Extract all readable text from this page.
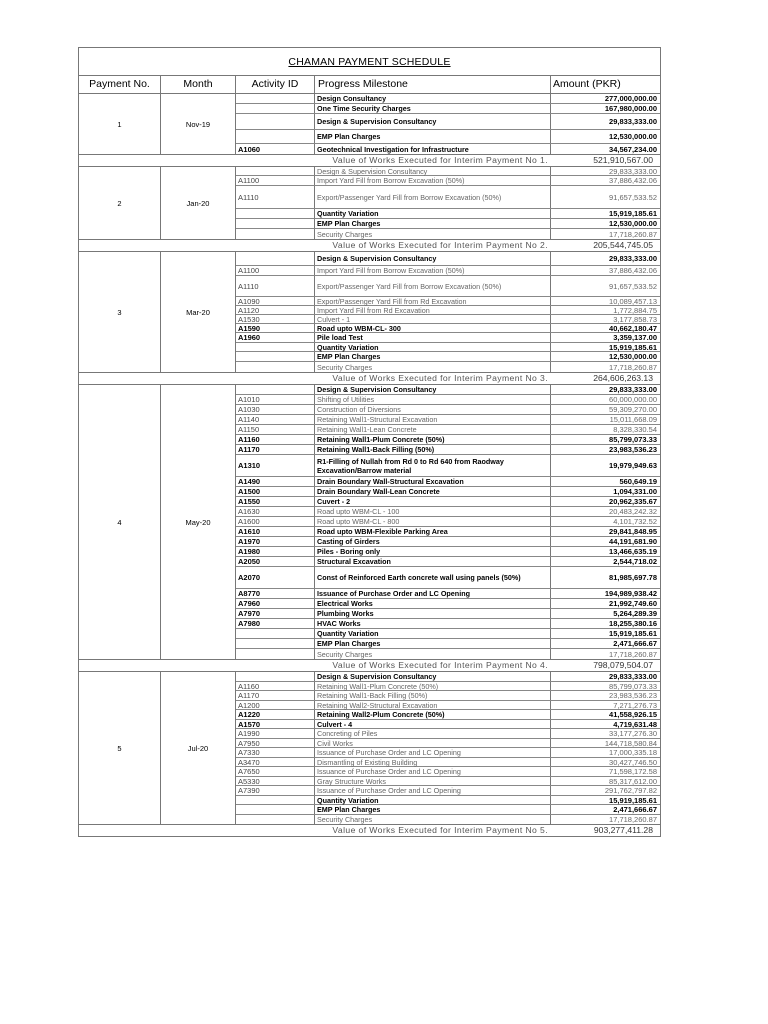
CHAMAN PAYMENT SCHEDULE
Payment No.	Month	Activity ID	Progress Milestone	Amount (PKR)
1	Nov-19
Design Consultancy	277,000,000.00
One Time Security Charges	167,980,000.00
Design & Supervision Consultancy	29,833,333.00
EMP Plan Charges	12,530,000.00
A1060	Geotechnical Investigation for Infrastructure	34,567,234.00
Value of Works Executed for Interim Payment No 1.	521,910,567.00
2	Jan-20
Design & Supervision Consultancy	29,833,333.00
A1100	Import Yard Fill from Borrow Excavation (50%)	37,886,432.06
A1110	Export/Passenger Yard Fill from Borrow Excavation (50%)	91,657,533.52
Quantity Variation	15,919,185.61
EMP Plan Charges	12,530,000.00
Security Charges	17,718,260.87
Value of Works Executed for Interim Payment No 2.	205,544,745.05
3	Mar-20
Design & Supervision Consultancy	29,833,333.00
A1100	Import Yard Fill from Borrow Excavation (50%)	37,886,432.06
A1110	Export/Passenger Yard Fill from Borrow Excavation (50%)	91,657,533.52
A1090	Export/Passenger Yard Fill from Rd Excavation	10,089,457.13
A1120	Import Yard Fill from Rd Excavation	1,772,884.75
A1530	Culvert - 1	3,177,858.73
A1590	Road upto WBM-CL- 300	40,662,180.47
A1960	Pile load Test	3,359,137.00
Quantity Variation	15,919,185.61
EMP Plan Charges	12,530,000.00
Security Charges	17,718,260.87
Value of Works Executed for Interim Payment No 3.	264,606,263.13
4	May-20
Design & Supervision Consultancy	29,833,333.00
A1010	Shifting of Utilities	60,000,000.00
A1030	Construction of Diversions	59,309,270.00
A1140	Retaining Wall1-Structural Excavation	15,011,668.09
A1150	Retaining Wall1-Lean Concrete	8,328,330.54
A1160	Retaining Wall1-Plum Concrete (50%)	85,799,073.33
A1170	Retaining Wall1-Back Filling (50%)	23,983,536.23
A1310	R1-Filling of Nullah from Rd 0 to Rd 640 from Raodway Excavation/Barrow material	19,979,949.63
A1490	Drain Boundary Wall-Structural Excavation	560,649.19
A1500	Drain Boundary Wall-Lean Concrete	1,094,331.00
A1550	Cuvert - 2	20,962,335.67
A1630	Road upto WBM-CL - 100	20,483,242.32
A1600	Road upto WBM-CL - 800	4,101,732.52
A1610	Road upto WBM-Flexible Parking Area	29,841,848.95
A1970	Casting of Girders	44,191,681.90
A1980	Piles - Boring only	13,466,635.19
A2050	Structural Excavation	2,544,718.02
A2070	Const of Reinforced Earth concrete wall using panels (50%)	81,985,697.78
A8770	Issuance of Purchase Order and LC Opening	194,989,938.42
A7960	Electrical Works	21,992,749.60
A7970	Plumbing Works	5,264,289.39
A7980	HVAC Works	18,255,380.16
Quantity Variation	15,919,185.61
EMP Plan Charges	2,471,666.67
Security Charges	17,718,260.87
Value of Works Executed for Interim Payment No 4.	798,079,504.07
5	Jul-20
Design & Supervision Consultancy	29,833,333.00
A1160	Retaining Wall1-Plum Concrete (50%)	85,799,073.33
A1170	Retaining Wall1-Back Filling (50%)	23,983,536.23
A1200	Retaining Wall2-Structural Excavation	7,271,276.73
A1220	Retaining Wall2-Plum Concrete (50%)	41,558,926.15
A1570	Culvert - 4	4,719,631.48
A1990	Concreting of Piles	33,177,276.30
A7950	Civil Works	144,718,580.84
A7330	Issuance of Purchase Order and LC Opening	17,000,335.18
A3470	Dismantling of Existing Building	30,427,746.50
A7650	Issuance of Purchase Order and LC Opening	71,598,172.58
A5330	Gray Structure Works	85,317,612.00
A7390	Issuance of Purchase Order and LC Opening	291,762,797.82
Quantity Variation	15,919,185.61
EMP Plan Charges	2,471,666.67
Security Charges	17,718,260.87
Value of Works Executed for Interim Payment No 5.	903,277,411.28
